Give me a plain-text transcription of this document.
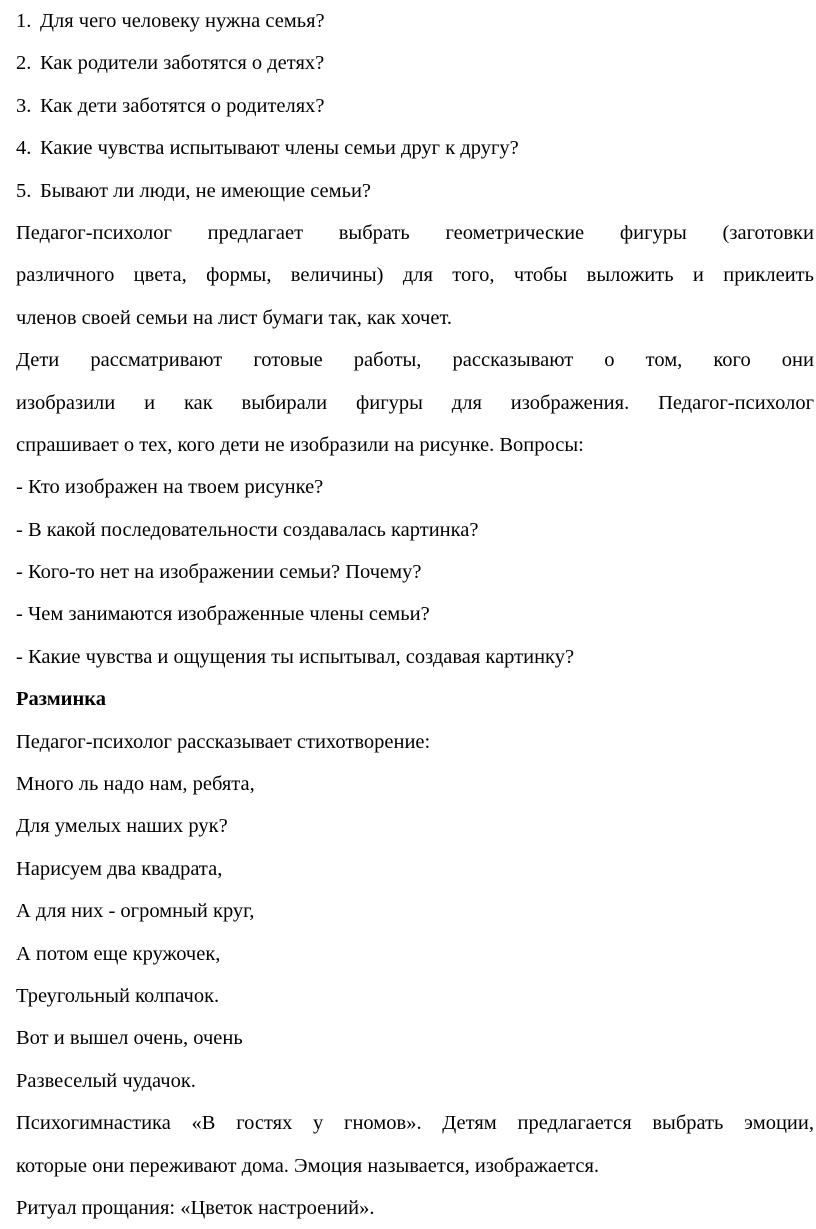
1. Для чего человеку нужна семья?
2. Как родители заботятся о детях?
3. Как дети заботятся о родителях?
4. Какие чувства испытывают члены семьи друг к другу?
5. Бывают ли люди, не имеющие семьи?
Педагог-психолог предлагает выбрать геометрические фигуры (заготовки
различного цвета, формы, величины) для того, чтобы выложить и приклеить
членов своей семьи на лист бумаги так, как хочет.
Дети рассматривают готовые работы, рассказывают о том, кого они
изобразили и как выбирали фигуры для изображения. Педагог-психолог
спрашивает о тех, кого дети не изобразили на рисунке. Вопросы:
- Кто изображен на твоем рисунке?
- В какой последовательности создавалась картинка?
- Кого-то нет на изображении семьи? Почему?
- Чем занимаются изображенные члены семьи?
- Какие чувства и ощущения ты испытывал, создавая картинку?
Разминка
Педагог-психолог рассказывает стихотворение:
Много ль надо нам, ребята,
Для умелых наших рук?
Нарисуем два квадрата,
А для них - огромный круг,
А потом еще кружочек,
Треугольный колпачок.
Вот и вышел очень, очень
Развеселый чудачок.
Психогимнастика «В гостях у гномов». Детям предлагается выбрать эмоции,
которые они переживают дома. Эмоция называется, изображается.
Ритуал прощания: «Цветок настроений».
